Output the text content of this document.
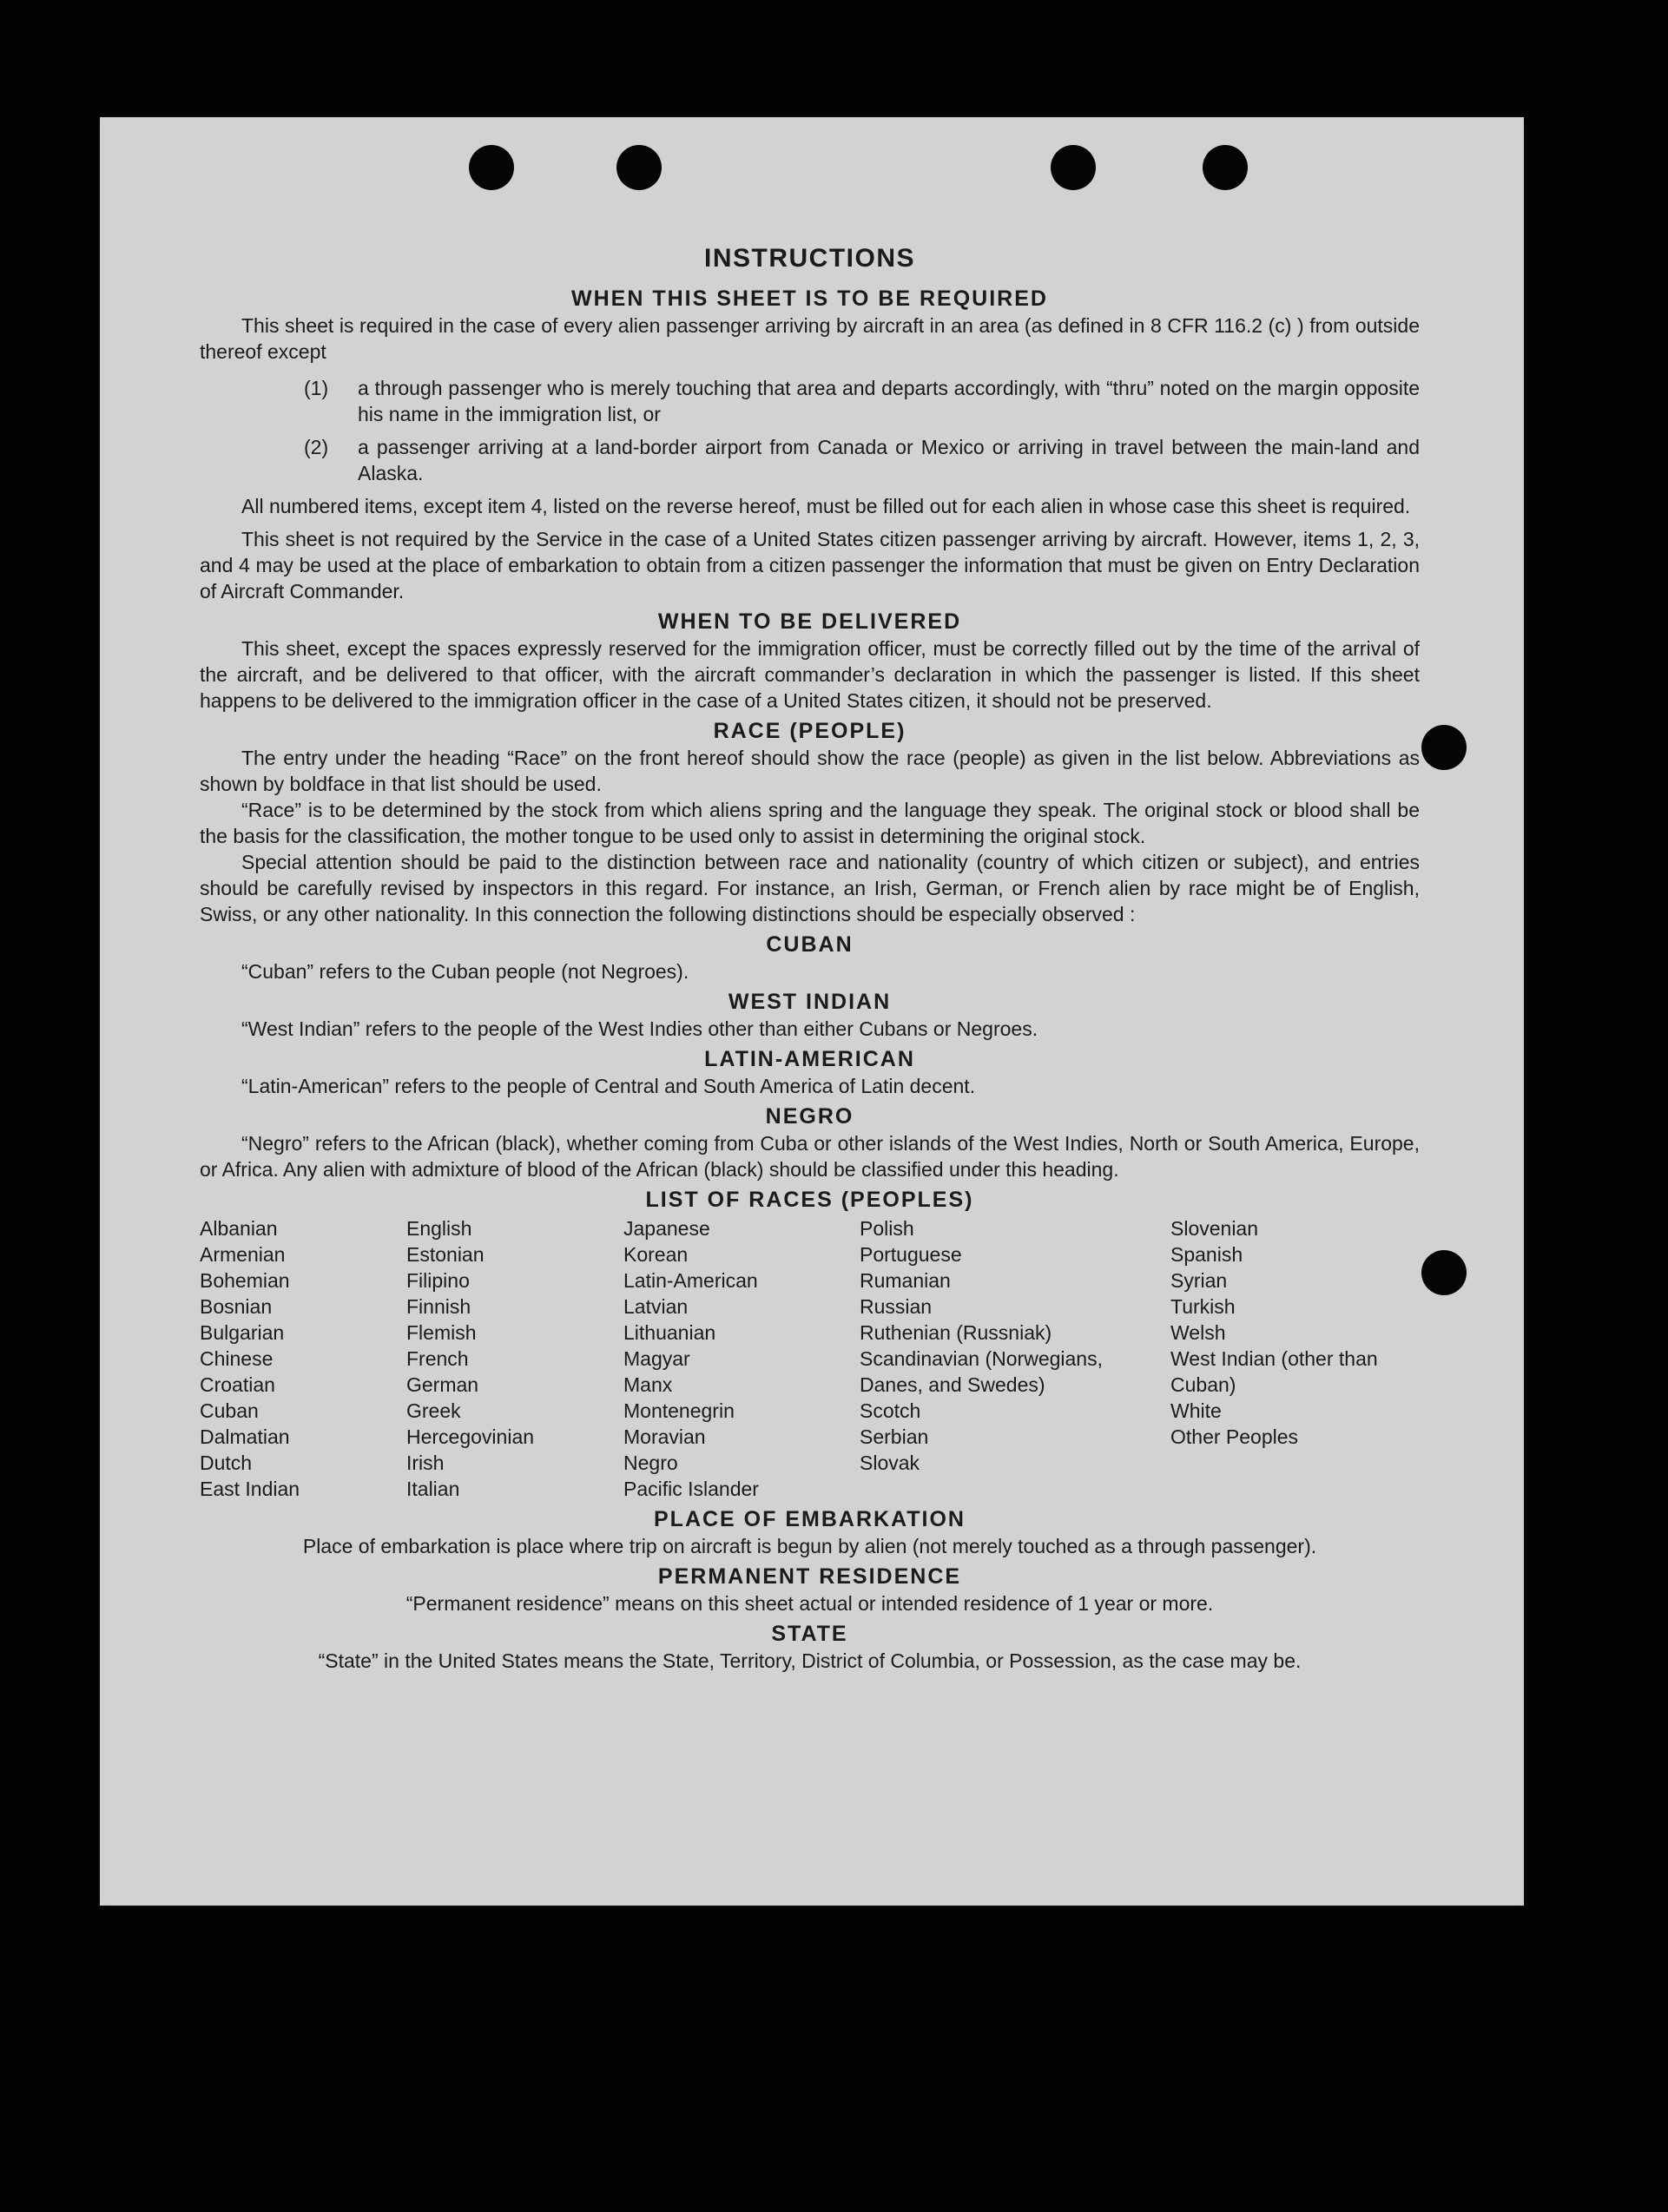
INSTRUCTIONS
WHEN THIS SHEET IS TO BE REQUIRED

This sheet is required in the case of every alien passenger arriving by aircraft in an area (as defined in 8 CFR 116.2 (c) ) from outside thereof except

(1)	a through passenger who is merely touching that area and departs accordingly, with “thru” noted on the margin opposite his name in the immigration list, or
(2)	a passenger arriving at a land-border airport from Canada or Mexico or arriving in travel between the main-land and Alaska.

All numbered items, except item 4, listed on the reverse hereof, must be filled out for each alien in whose case this sheet is required.

This sheet is not required by the Service in the case of a United States citizen passenger arriving by aircraft. However, items 1, 2, 3, and 4 may be used at the place of embarkation to obtain from a citizen passenger the information that must be given on Entry Declaration of Aircraft Commander.

WHEN TO BE DELIVERED

This sheet, except the spaces expressly reserved for the immigration officer, must be correctly filled out by the time of the arrival of the aircraft, and be delivered to that officer, with the aircraft commander’s declaration in which the passenger is listed. If this sheet happens to be delivered to the immigration officer in the case of a United States citizen, it should not be preserved.

RACE (PEOPLE)

The entry under the heading “Race” on the front hereof should show the race (people) as given in the list below. Abbreviations as shown by boldface in that list should be used.

“Race” is to be determined by the stock from which aliens spring and the language they speak. The original stock or blood shall be the basis for the classification, the mother tongue to be used only to assist in determining the original stock.

Special attention should be paid to the distinction between race and nationality (country of which citizen or subject), and entries should be carefully revised by inspectors in this regard. For instance, an Irish, German, or French alien by race might be of English, Swiss, or any other nationality. In this connection the following distinctions should be especially observed :

CUBAN

“Cuban” refers to the Cuban people (not Negroes).

WEST INDIAN

“West Indian” refers to the people of the West Indies other than either Cubans or Negroes.

LATIN-AMERICAN

“Latin-American” refers to the people of Central and South America of Latin decent.

NEGRO

“Negro” refers to the African (black), whether coming from Cuba or other islands of the West Indies, North or South America, Europe, or Africa. Any alien with admixture of blood of the African (black) should be classified under this heading.

LIST OF RACES (PEOPLES)
Albanian
Armenian
Bohemian
Bosnian
Bulgarian
Chinese
Croatian
Cuban
Dalmatian
Dutch
East Indian
English
Estonian
Filipino
Finnish
Flemish
French
German
Greek
Hercegovinian
Irish
Italian
Japanese
Korean
Latin-American
Latvian
Lithuanian
Magyar
Manx
Montenegrin
Moravian
Negro
Pacific Islander
Polish
Portuguese
Rumanian
Russian
Ruthenian (Russniak)
Scandinavian (Norwegians, Danes, and Swedes)
Scotch
Serbian
Slovak
Slovenian
Spanish
Syrian
Turkish
Welsh
West Indian (other than Cuban)
White
Other Peoples
PLACE OF EMBARKATION

Place of embarkation is place where trip on aircraft is begun by alien (not merely touched as a through passenger).

PERMANENT RESIDENCE

“Permanent residence” means on this sheet actual or intended residence of 1 year or more.

STATE

“State” in the United States means the State, Territory, District of Columbia, or Possession, as the case may be.
